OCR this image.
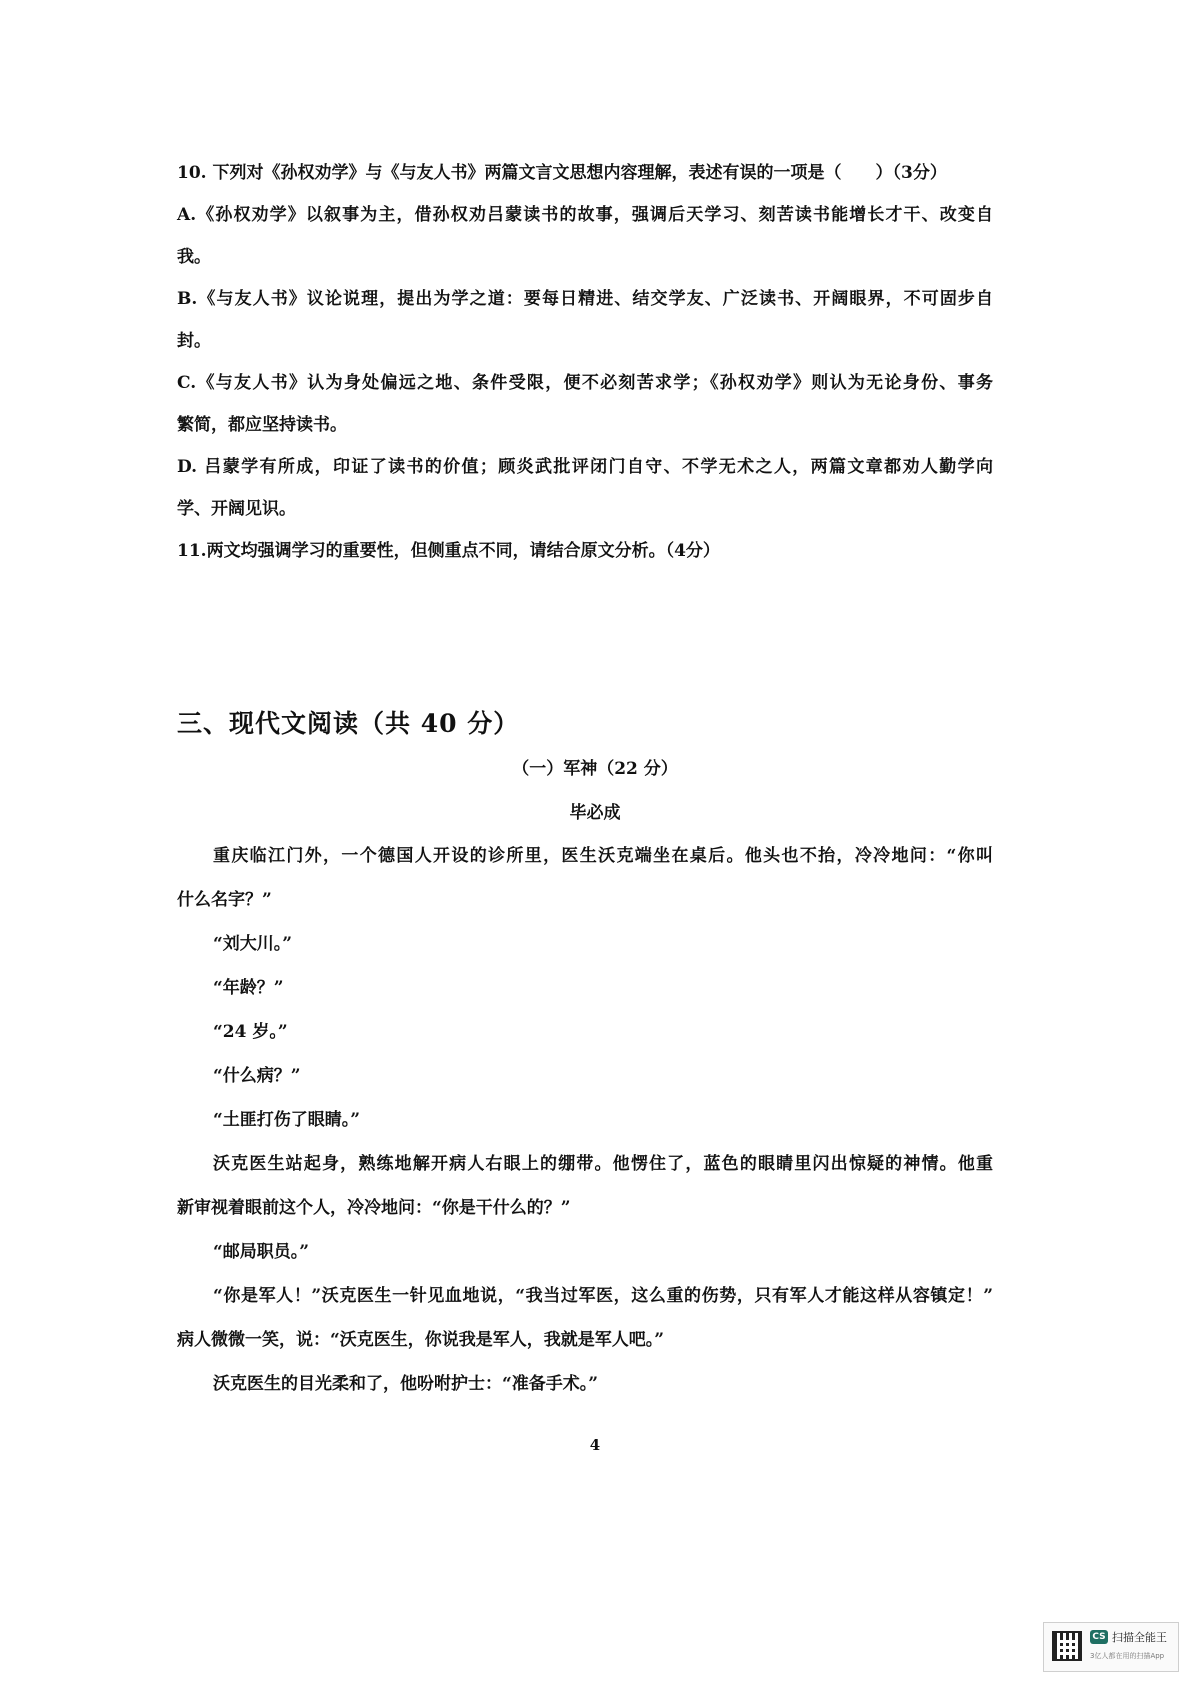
10. 下列对《孙权劝学》与《与友人书》两篇文言文思想内容理解，表述有误的一项是（　　）（3分）
A.《孙权劝学》以叙事为主，借孙权劝吕蒙读书的故事，强调后天学习、刻苦读书能增长才干、改变自
我。
B.《与友人书》议论说理，提出为学之道：要每日精进、结交学友、广泛读书、开阔眼界，不可固步自
封。
C.《与友人书》认为身处偏远之地、条件受限，便不必刻苦求学；《孙权劝学》则认为无论身份、事务
繁简，都应坚持读书。
D. 吕蒙学有所成，印证了读书的价值；顾炎武批评闭门自守、不学无术之人，两篇文章都劝人勤学向
学、开阔见识。
11.两文均强调学习的重要性，但侧重点不同，请结合原文分析。（4分）
三、现代文阅读（共 40 分）
（一）军神（22 分）
毕必成
重庆临江门外，一个德国人开设的诊所里，医生沃克端坐在桌后。他头也不抬，冷冷地问：“你叫
什么名字？”
“刘大川。”
“年龄？”
“24 岁。”
“什么病？”
“土匪打伤了眼睛。”
沃克医生站起身，熟练地解开病人右眼上的绷带。他愣住了，蓝色的眼睛里闪出惊疑的神情。他重
新审视着眼前这个人，冷冷地问：“你是干什么的？”
“邮局职员。”
“你是军人！”沃克医生一针见血地说，“我当过军医，这么重的伤势，只有军人才能这样从容镇定！”
病人微微一笑，说：“沃克医生，你说我是军人，我就是军人吧。”
沃克医生的目光柔和了，他吩咐护士：“准备手术。”
4
CS 扫描全能王
3亿人都在用的扫描App
